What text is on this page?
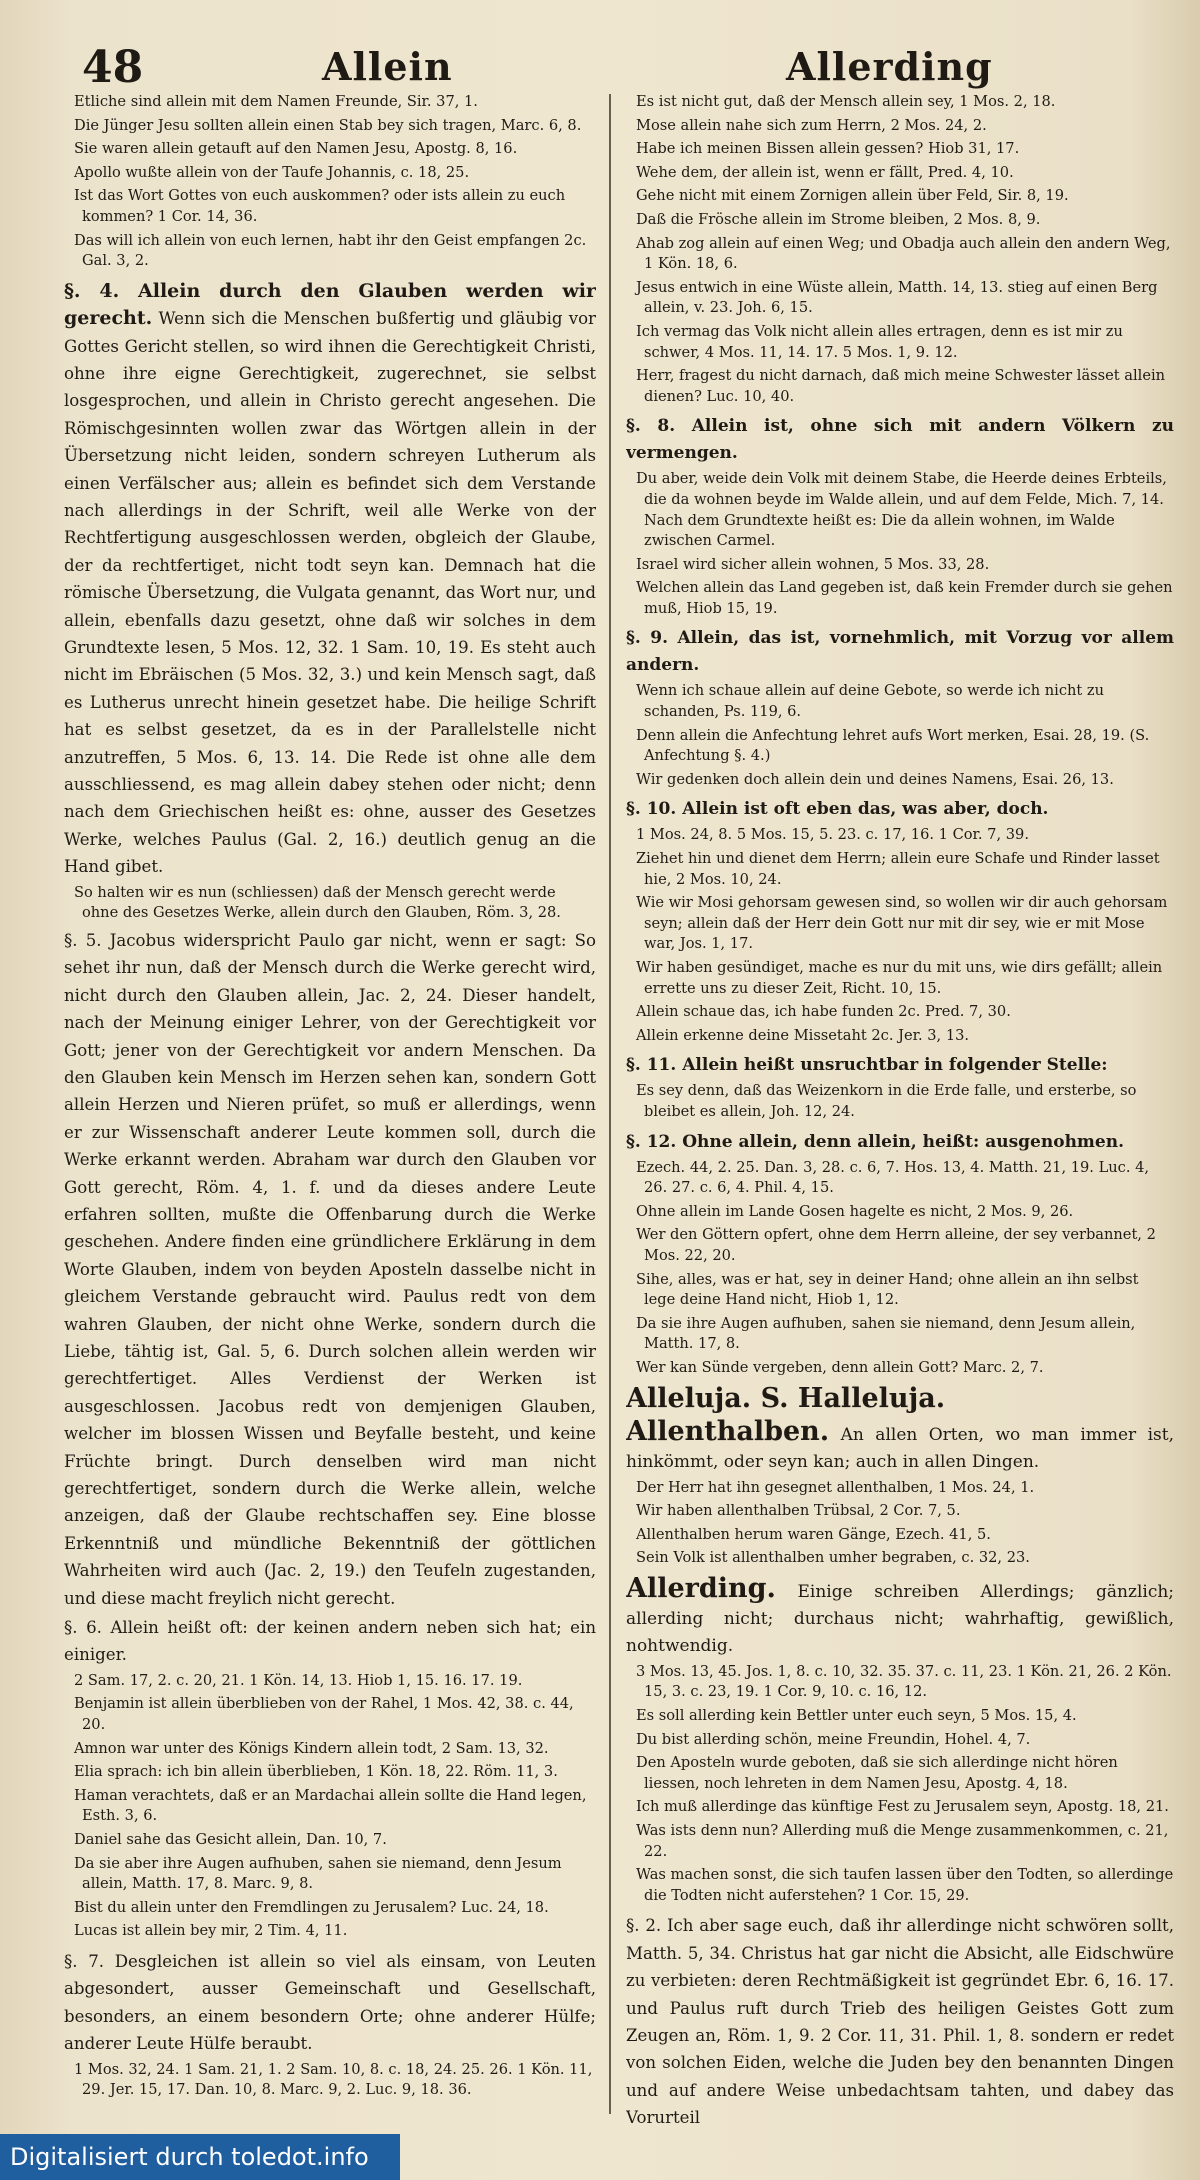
48	Allein	Allerding
Etliche sind allein mit dem Namen Freunde, Sir. 37, 1.
Die Jünger Jesu sollten allein einen Stab bey sich tragen, Marc. 6, 8.
Sie waren allein getauft auf den Namen Jesu, Apostg. 8, 16.
Apollo wußte allein von der Taufe Johannis, c. 18, 25.
Ist das Wort Gottes von euch auskommen? oder ists allein zu euch kommen? 1 Cor. 14, 36.
Das will ich allein von euch lernen, habt ihr den Geist empfangen 2c. Gal. 3, 2.
§. 4. Allein durch den Glauben werden wir gerecht. Wenn sich die Menschen bußfertig und gläubig vor Gottes Gericht stellen, so wird ihnen die Gerechtigkeit Christi, ohne ihre eigne Gerechtigkeit, zugerechnet, sie selbst losgesprochen, und allein in Christo gerecht angesehen. Die Römischgesinnten wollen zwar das Wörtgen allein in der Übersetzung nicht leiden, sondern schreyen Lutherum als einen Verfälscher aus; allein es befindet sich dem Verstande nach allerdings in der Schrift, weil alle Werke von der Rechtfertigung ausgeschlossen werden, obgleich der Glaube, der da rechtfertiget, nicht todt seyn kan. Demnach hat die römische Übersetzung, die Vulgata genannt, das Wort nur, und allein, ebenfalls dazu gesetzt, ohne daß wir solches in dem Grundtexte lesen, 5 Mos. 12, 32. 1 Sam. 10, 19. Es steht auch nicht im Ebräischen (5 Mos. 32, 3.) und kein Mensch sagt, daß es Lutherus unrecht hinein gesetzet habe. Die heilige Schrift hat es selbst gesetzet, da es in der Parallelstelle nicht anzutreffen, 5 Mos. 6, 13. 14. Die Rede ist ohne alle dem ausschliessend, es mag allein dabey stehen oder nicht; denn nach dem Griechischen heißt es: ohne, ausser des Gesetzes Werke, welches Paulus (Gal. 2, 16.) deutlich genug an die Hand gibet.
So halten wir es nun (schliessen) daß der Mensch gerecht werde ohne des Gesetzes Werke, allein durch den Glauben, Röm. 3, 28.
§. 5. Jacobus widerspricht Paulo gar nicht, wenn er sagt: So sehet ihr nun, daß der Mensch durch die Werke gerecht wird, nicht durch den Glauben allein, Jac. 2, 24. Dieser handelt, nach der Meinung einiger Lehrer, von der Gerechtigkeit vor Gott; jener von der Gerechtigkeit vor andern Menschen. Da den Glauben kein Mensch im Herzen sehen kan, sondern Gott allein Herzen und Nieren prüfet, so muß er allerdings, wenn er zur Wissenschaft anderer Leute kommen soll, durch die Werke erkannt werden. Abraham war durch den Glauben vor Gott gerecht, Röm. 4, 1. f. und da dieses andere Leute erfahren sollten, mußte die Offenbarung durch die Werke geschehen. Andere finden eine gründlichere Erklärung in dem Worte Glauben, indem von beyden Aposteln dasselbe nicht in gleichem Verstande gebraucht wird. Paulus redt von dem wahren Glauben, der nicht ohne Werke, sondern durch die Liebe, tähtig ist, Gal. 5, 6. Durch solchen allein werden wir gerechtfertiget. Alles Verdienst der Werken ist ausgeschlossen. Jacobus redt von demjenigen Glauben, welcher im blossen Wissen und Beyfalle besteht, und keine Früchte bringt. Durch denselben wird man nicht gerechtfertiget, sondern durch die Werke allein, welche anzeigen, daß der Glaube rechtschaffen sey. Eine blosse Erkenntniß und mündliche Bekenntniß der göttlichen Wahrheiten wird auch (Jac. 2, 19.) den Teufeln zugestanden, und diese macht freylich nicht gerecht.
§. 6. Allein heißt oft: der keinen andern neben sich hat; ein einiger.
2 Sam. 17, 2. c. 20, 21. 1 Kön. 14, 13. Hiob 1, 15. 16. 17. 19.
Benjamin ist allein überblieben von der Rahel, 1 Mos. 42, 38. c. 44, 20.
Amnon war unter des Königs Kindern allein todt, 2 Sam. 13, 32.
Elia sprach: ich bin allein überblieben, 1 Kön. 18, 22. Röm. 11, 3.
Haman verachtets, daß er an Mardachai allein sollte die Hand legen, Esth. 3, 6.
Daniel sahe das Gesicht allein, Dan. 10, 7.
Da sie aber ihre Augen aufhuben, sahen sie niemand, denn Jesum allein, Matth. 17, 8. Marc. 9, 8.
Bist du allein unter den Fremdlingen zu Jerusalem? Luc. 24, 18.
Lucas ist allein bey mir, 2 Tim. 4, 11.
§. 7. Desgleichen ist allein so viel als einsam, von Leuten abgesondert, ausser Gemeinschaft und Gesellschaft, besonders, an einem besondern Orte; ohne anderer Hülfe; anderer Leute Hülfe beraubt.
1 Mos. 32, 24. 1 Sam. 21, 1. 2 Sam. 10, 8. c. 18, 24. 25. 26. 1 Kön. 11, 29. Jer. 15, 17. Dan. 10, 8. Marc. 9, 2. Luc. 9, 18. 36.
Es ist nicht gut, daß der Mensch allein sey, 1 Mos. 2, 18.
Mose allein nahe sich zum Herrn, 2 Mos. 24, 2.
Habe ich meinen Bissen allein gessen? Hiob 31, 17.
Wehe dem, der allein ist, wenn er fällt, Pred. 4, 10.
Gehe nicht mit einem Zornigen allein über Feld, Sir. 8, 19.
Daß die Frösche allein im Strome bleiben, 2 Mos. 8, 9.
Ahab zog allein auf einen Weg; und Obadja auch allein den andern Weg, 1 Kön. 18, 6.
Jesus entwich in eine Wüste allein, Matth. 14, 13. stieg auf einen Berg allein, v. 23. Joh. 6, 15.
Ich vermag das Volk nicht allein alles ertragen, denn es ist mir zu schwer, 4 Mos. 11, 14. 17. 5 Mos. 1, 9. 12.
Herr, fragest du nicht darnach, daß mich meine Schwester lässet allein dienen? Luc. 10, 40.
§. 8. Allein ist, ohne sich mit andern Völkern zu vermengen.
Du aber, weide dein Volk mit deinem Stabe, die Heerde deines Erbteils, die da wohnen beyde im Walde allein, und auf dem Felde, Mich. 7, 14. Nach dem Grundtexte heißt es: Die da allein wohnen, im Walde zwischen Carmel.
Israel wird sicher allein wohnen, 5 Mos. 33, 28.
Welchen allein das Land gegeben ist, daß kein Fremder durch sie gehen muß, Hiob 15, 19.
§. 9. Allein, das ist, vornehmlich, mit Vorzug vor allem andern.
Wenn ich schaue allein auf deine Gebote, so werde ich nicht zu schanden, Ps. 119, 6.
Denn allein die Anfechtung lehret aufs Wort merken, Esai. 28, 19. (S. Anfechtung §. 4.)
Wir gedenken doch allein dein und deines Namens, Esai. 26, 13.
§. 10. Allein ist oft eben das, was aber, doch.
1 Mos. 24, 8. 5 Mos. 15, 5. 23. c. 17, 16. 1 Cor. 7, 39.
Ziehet hin und dienet dem Herrn; allein eure Schafe und Rinder lasset hie, 2 Mos. 10, 24.
Wie wir Mosi gehorsam gewesen sind, so wollen wir dir auch gehorsam seyn; allein daß der Herr dein Gott nur mit dir sey, wie er mit Mose war, Jos. 1, 17.
Wir haben gesündiget, mache es nur du mit uns, wie dirs gefällt; allein errette uns zu dieser Zeit, Richt. 10, 15.
Allein schaue das, ich habe funden 2c. Pred. 7, 30.
Allein erkenne deine Missetaht 2c. Jer. 3, 13.
§. 11. Allein heißt unsruchtbar in folgender Stelle:
Es sey denn, daß das Weizenkorn in die Erde falle, und ersterbe, so bleibet es allein, Joh. 12, 24.
§. 12. Ohne allein, denn allein, heißt: ausgenohmen.
Ezech. 44, 2. 25. Dan. 3, 28. c. 6, 7. Hos. 13, 4. Matth. 21, 19. Luc. 4, 26. 27. c. 6, 4. Phil. 4, 15.
Ohne allein im Lande Gosen hagelte es nicht, 2 Mos. 9, 26.
Wer den Göttern opfert, ohne dem Herrn alleine, der sey verbannet, 2 Mos. 22, 20.
Sihe, alles, was er hat, sey in deiner Hand; ohne allein an ihn selbst lege deine Hand nicht, Hiob 1, 12.
Da sie ihre Augen aufhuben, sahen sie niemand, denn Jesum allein, Matth. 17, 8.
Wer kan Sünde vergeben, denn allein Gott? Marc. 2, 7.
Alleluja. S. Halleluja.
Allenthalben. An allen Orten, wo man immer ist, hinkömmt, oder seyn kan; auch in allen Dingen.
Der Herr hat ihn gesegnet allenthalben, 1 Mos. 24, 1.
Wir haben allenthalben Trübsal, 2 Cor. 7, 5.
Allenthalben herum waren Gänge, Ezech. 41, 5.
Sein Volk ist allenthalben umher begraben, c. 32, 23.
Allerding. Einige schreiben Allerdings; gänzlich; allerding nicht; durchaus nicht; wahrhaftig, gewißlich, nohtwendig.
3 Mos. 13, 45. Jos. 1, 8. c. 10, 32. 35. 37. c. 11, 23. 1 Kön. 21, 26. 2 Kön. 15, 3. c. 23, 19. 1 Cor. 9, 10. c. 16, 12.
Es soll allerding kein Bettler unter euch seyn, 5 Mos. 15, 4.
Du bist allerding schön, meine Freundin, Hohel. 4, 7.
Den Aposteln wurde geboten, daß sie sich allerdinge nicht hören liessen, noch lehreten in dem Namen Jesu, Apostg. 4, 18.
Ich muß allerdinge das künftige Fest zu Jerusalem seyn, Apostg. 18, 21.
Was ists denn nun? Allerding muß die Menge zusammenkommen, c. 21, 22.
Was machen sonst, die sich taufen lassen über den Todten, so allerdinge die Todten nicht auferstehen? 1 Cor. 15, 29.
§. 2. Ich aber sage euch, daß ihr allerdinge nicht schwören sollt, Matth. 5, 34. Christus hat gar nicht die Absicht, alle Eidschwüre zu verbieten: deren Rechtmäßigkeit ist gegründet Ebr. 6, 16. 17. und Paulus ruft durch Trieb des heiligen Geistes Gott zum Zeugen an, Röm. 1, 9. 2 Cor. 11, 31. Phil. 1, 8. sondern er redet von solchen Eiden, welche die Juden bey den benannten Dingen und auf andere Weise unbedachtsam tahten, und dabey das Vorurteil
Digitalisiert durch toledot.info
